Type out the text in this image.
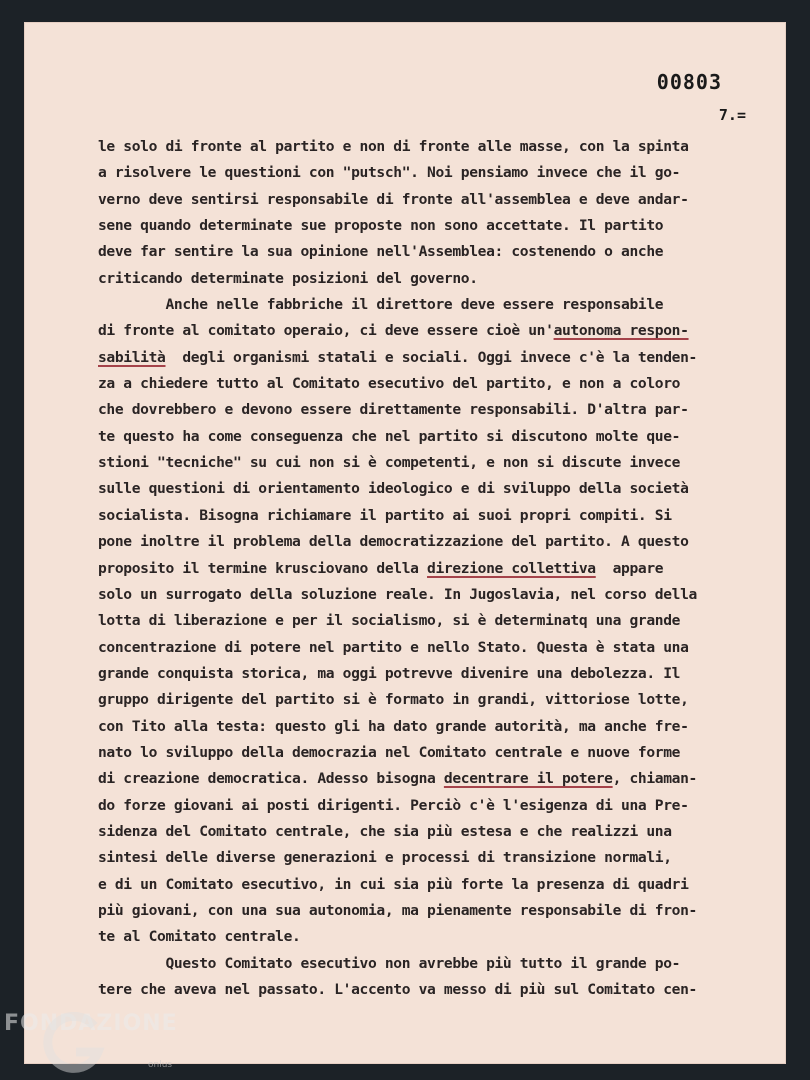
00803
7.=
le solo di fronte al partito e non di fronte alle masse, con la spinta
a risolvere le questioni con "putsch". Noi pensiamo invece che il go-
verno deve sentirsi responsabile di fronte all'assemblea e deve andar-
sene quando determinate sue proposte non sono accettate. Il partito
deve far sentire la sua opinione nell'Assemblea: costenendo o anche
criticando determinate posizioni del governo.
Anche nelle fabbriche il direttore deve essere responsabile
di fronte al comitato operaio, ci deve essere cioè un'autonoma respon-
sabilità  degli organismi statali e sociali. Oggi invece c'è la tenden-
za a chiedere tutto al Comitato esecutivo del partito, e non a coloro
che dovrebbero e devono essere direttamente responsabili. D'altra par-
te questo ha come conseguenza che nel partito si discutono molte que-
stioni "tecniche" su cui non si è competenti, e non si discute invece
sulle questioni di orientamento ideologico e di sviluppo della società
socialista. Bisogna richiamare il partito ai suoi propri compiti. Si
pone inoltre il problema della democratizzazione del partito. A questo
proposito il termine krusciovano della direzione collettiva  appare
solo un surrogato della soluzione reale. In Jugoslavia, nel corso della
lotta di liberazione e per il socialismo, si è determinatq una grande
concentrazione di potere nel partito e nello Stato. Questa è stata una
grande conquista storica, ma oggi potrevve divenire una debolezza. Il
gruppo dirigente del partito si è formato in grandi, vittoriose lotte,
con Tito alla testa: questo gli ha dato grande autorità, ma anche fre-
nato lo sviluppo della democrazia nel Comitato centrale e nuove forme
di creazione democratica. Adesso bisogna decentrare il potere, chiaman-
do forze giovani ai posti dirigenti. Perciò c'è l'esigenza di una Pre-
sidenza del Comitato centrale, che sia più estesa e che realizzi una
sintesi delle diverse generazioni e processi di transizione normali,
e di un Comitato esecutivo, in cui sia più forte la presenza di quadri
più giovani, con una sua autonomia, ma pienamente responsabile di fron-
te al Comitato centrale.
Questo Comitato esecutivo non avrebbe più tutto il grande po-
tere che aveva nel passato. L'accento va messo di più sul Comitato cen-
FONDAZIONE
onlus
